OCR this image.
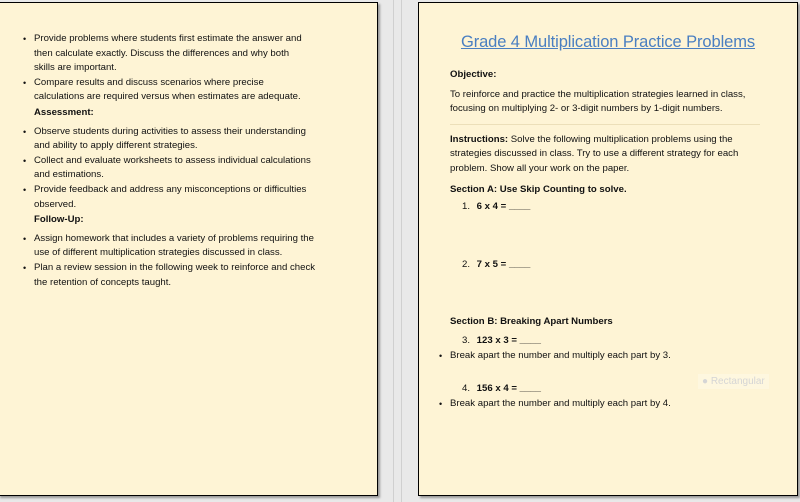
• Provide problems where students first estimate the answer and then calculate exactly. Discuss the differences and why both skills are important.
• Compare results and discuss scenarios where precise calculations are required versus when estimates are adequate.
Assessment:
• Observe students during activities to assess their understanding and ability to apply different strategies.
• Collect and evaluate worksheets to assess individual calculations and estimations.
• Provide feedback and address any misconceptions or difficulties observed.
Follow-Up:
• Assign homework that includes a variety of problems requiring the use of different multiplication strategies discussed in class.
• Plan a review session in the following week to reinforce and check the retention of concepts taught.
Grade 4 Multiplication Practice Problems
Objective:
To reinforce and practice the multiplication strategies learned in class, focusing on multiplying 2- or 3-digit numbers by 1-digit numbers.
Instructions: Solve the following multiplication problems using the strategies discussed in class. Try to use a different strategy for each problem. Show all your work on the paper.
Section A: Use Skip Counting to solve.
1. 6 x 4 = ____
2. 7 x 5 = ____
Section B: Breaking Apart Numbers
3. 123 x 3 = ____
• Break apart the number and multiply each part by 3.
4. 156 x 4 = ____
• Break apart the number and multiply each part by 4.
● Rectangular
